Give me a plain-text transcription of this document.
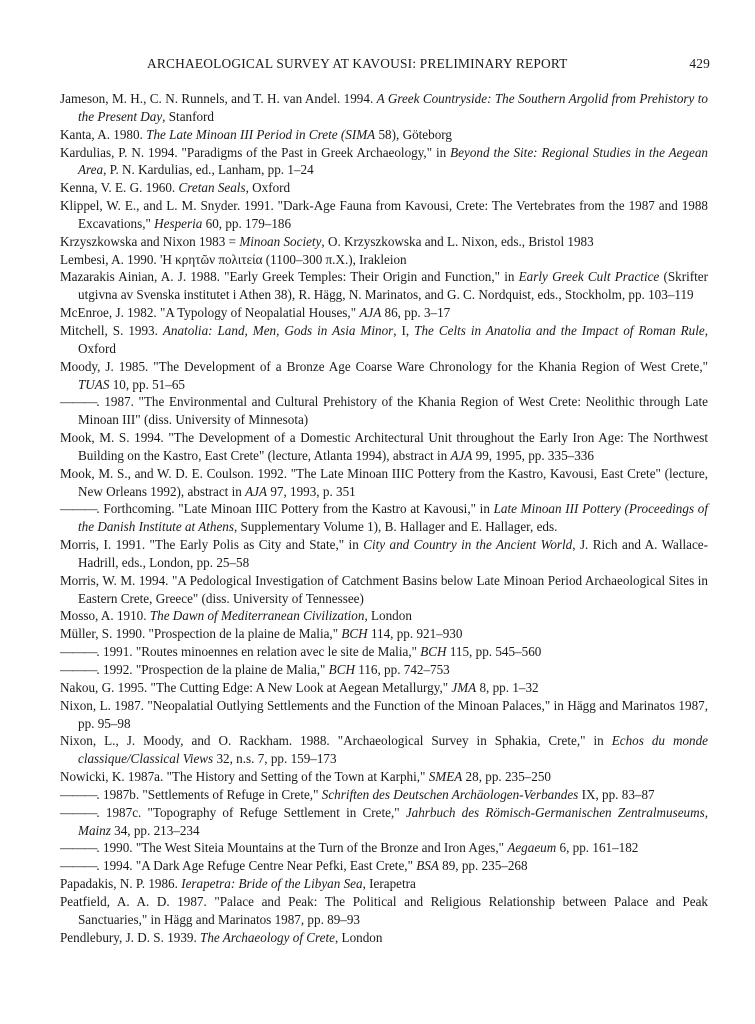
ARCHAEOLOGICAL SURVEY AT KAVOUSI: PRELIMINARY REPORT	429
Jameson, M. H., C. N. Runnels, and T. H. van Andel. 1994. A Greek Countryside: The Southern Argolid from Prehistory to the Present Day, Stanford
Kanta, A. 1980. The Late Minoan III Period in Crete (SIMA 58), Göteborg
Kardulias, P. N. 1994. "Paradigms of the Past in Greek Archaeology," in Beyond the Site: Regional Studies in the Aegean Area, P. N. Kardulias, ed., Lanham, pp. 1–24
Kenna, V. E. G. 1960. Cretan Seals, Oxford
Klippel, W. E., and L. M. Snyder. 1991. "Dark-Age Fauna from Kavousi, Crete: The Vertebrates from the 1987 and 1988 Excavations," Hesperia 60, pp. 179–186
Krzyszkowska and Nixon 1983 = Minoan Society, O. Krzyszkowska and L. Nixon, eds., Bristol 1983
Lembesi, A. 1990. 'Η κρητῶν πολιτεία (1100–300 π.Χ.), Irakleion
Mazarakis Ainian, A. J. 1988. "Early Greek Temples: Their Origin and Function," in Early Greek Cult Practice (Skrifter utgivna av Svenska institutet i Athen 38), R. Hägg, N. Marinatos, and G. C. Nordquist, eds., Stockholm, pp. 103–119
McEnroe, J. 1982. "A Typology of Neopalatial Houses," AJA 86, pp. 3–17
Mitchell, S. 1993. Anatolia: Land, Men, Gods in Asia Minor, I, The Celts in Anatolia and the Impact of Roman Rule, Oxford
Moody, J. 1985. "The Development of a Bronze Age Coarse Ware Chronology for the Khania Region of West Crete," TUAS 10, pp. 51–65
———. 1987. "The Environmental and Cultural Prehistory of the Khania Region of West Crete: Neolithic through Late Minoan III" (diss. University of Minnesota)
Mook, M. S. 1994. "The Development of a Domestic Architectural Unit throughout the Early Iron Age: The Northwest Building on the Kastro, East Crete" (lecture, Atlanta 1994), abstract in AJA 99, 1995, pp. 335–336
Mook, M. S., and W. D. E. Coulson. 1992. "The Late Minoan IIIC Pottery from the Kastro, Kavousi, East Crete" (lecture, New Orleans 1992), abstract in AJA 97, 1993, p. 351
———. Forthcoming. "Late Minoan IIIC Pottery from the Kastro at Kavousi," in Late Minoan III Pottery (Proceedings of the Danish Institute at Athens, Supplementary Volume 1), B. Hallager and E. Hallager, eds.
Morris, I. 1991. "The Early Polis as City and State," in City and Country in the Ancient World, J. Rich and A. Wallace-Hadrill, eds., London, pp. 25–58
Morris, W. M. 1994. "A Pedological Investigation of Catchment Basins below Late Minoan Period Archaeological Sites in Eastern Crete, Greece" (diss. University of Tennessee)
Mosso, A. 1910. The Dawn of Mediterranean Civilization, London
Müller, S. 1990. "Prospection de la plaine de Malia," BCH 114, pp. 921–930
———. 1991. "Routes minoennes en relation avec le site de Malia," BCH 115, pp. 545–560
———. 1992. "Prospection de la plaine de Malia," BCH 116, pp. 742–753
Nakou, G. 1995. "The Cutting Edge: A New Look at Aegean Metallurgy," JMA 8, pp. 1–32
Nixon, L. 1987. "Neopalatial Outlying Settlements and the Function of the Minoan Palaces," in Hägg and Marinatos 1987, pp. 95–98
Nixon, L., J. Moody, and O. Rackham. 1988. "Archaeological Survey in Sphakia, Crete," in Echos du monde classique/Classical Views 32, n.s. 7, pp. 159–173
Nowicki, K. 1987a. "The History and Setting of the Town at Karphi," SMEA 28, pp. 235–250
———. 1987b. "Settlements of Refuge in Crete," Schriften des Deutschen Archäologen-Verbandes IX, pp. 83–87
———. 1987c. "Topography of Refuge Settlement in Crete," Jahrbuch des Römisch-Germanischen Zentralmuseums, Mainz 34, pp. 213–234
———. 1990. "The West Siteia Mountains at the Turn of the Bronze and Iron Ages," Aegaeum 6, pp. 161–182
———. 1994. "A Dark Age Refuge Centre Near Pefki, East Crete," BSA 89, pp. 235–268
Papadakis, N. P. 1986. Ierapetra: Bride of the Libyan Sea, Ierapetra
Peatfield, A. A. D. 1987. "Palace and Peak: The Political and Religious Relationship between Palace and Peak Sanctuaries," in Hägg and Marinatos 1987, pp. 89–93
Pendlebury, J. D. S. 1939. The Archaeology of Crete, London
